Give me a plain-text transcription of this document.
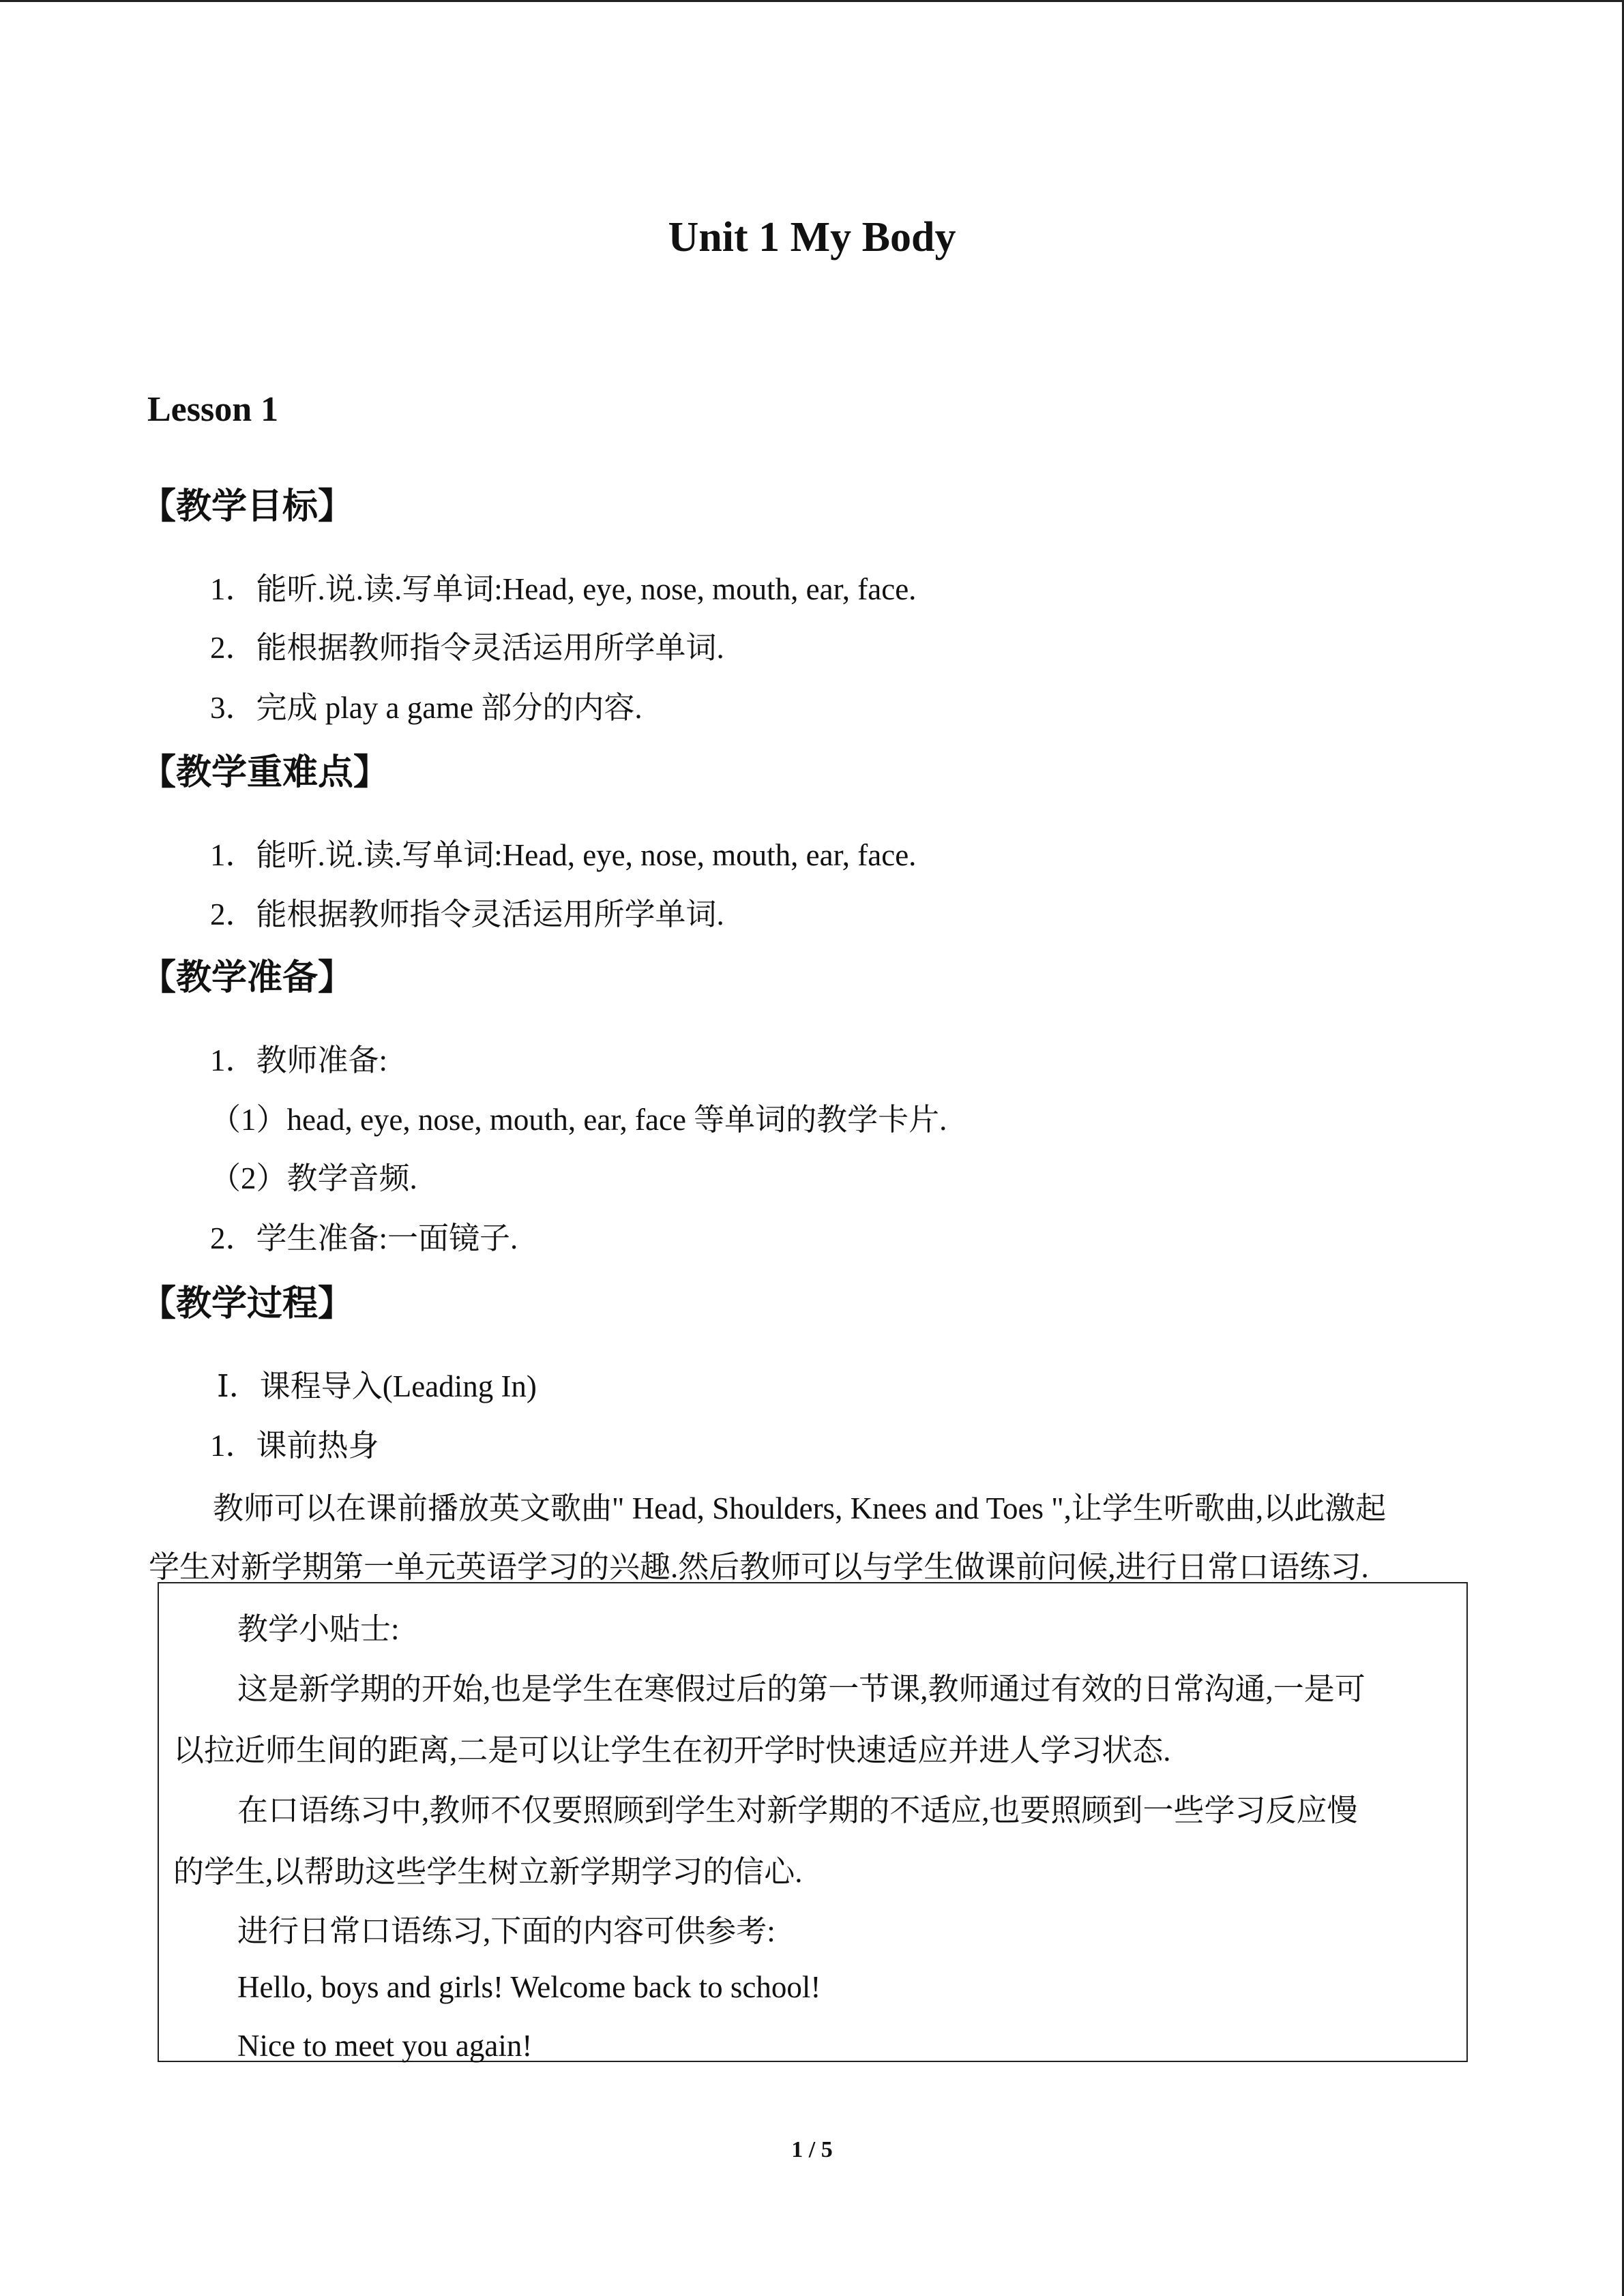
Unit 1 My Body
Lesson 1
【教学目标】
1．能听.说.读.写单词:Head, eye, nose, mouth, ear, face.
2．能根据教师指令灵活运用所学单词.
3．完成 play a game 部分的内容.
【教学重难点】
1．能听.说.读.写单词:Head, eye, nose, mouth, ear, face.
2．能根据教师指令灵活运用所学单词.
【教学准备】
1．教师准备:
（1）head, eye, nose, mouth, ear, face 等单词的教学卡片.
（2）教学音频.
2．学生准备:一面镜子.
【教学过程】
Ⅰ．课程导入(Leading In)
1．课前热身
教师可以在课前播放英文歌曲" Head, Shoulders, Knees and Toes ",让学生听歌曲,以此激起
学生对新学期第一单元英语学习的兴趣.然后教师可以与学生做课前问候,进行日常口语练习.
教学小贴士:
这是新学期的开始,也是学生在寒假过后的第一节课,教师通过有效的日常沟通,一是可
以拉近师生间的距离,二是可以让学生在初开学时快速适应并进人学习状态.
在口语练习中,教师不仅要照顾到学生对新学期的不适应,也要照顾到一些学习反应慢
的学生,以帮助这些学生树立新学期学习的信心.
进行日常口语练习,下面的内容可供参考:
Hello, boys and girls! Welcome back to school!
Nice to meet you again!
1 / 5
